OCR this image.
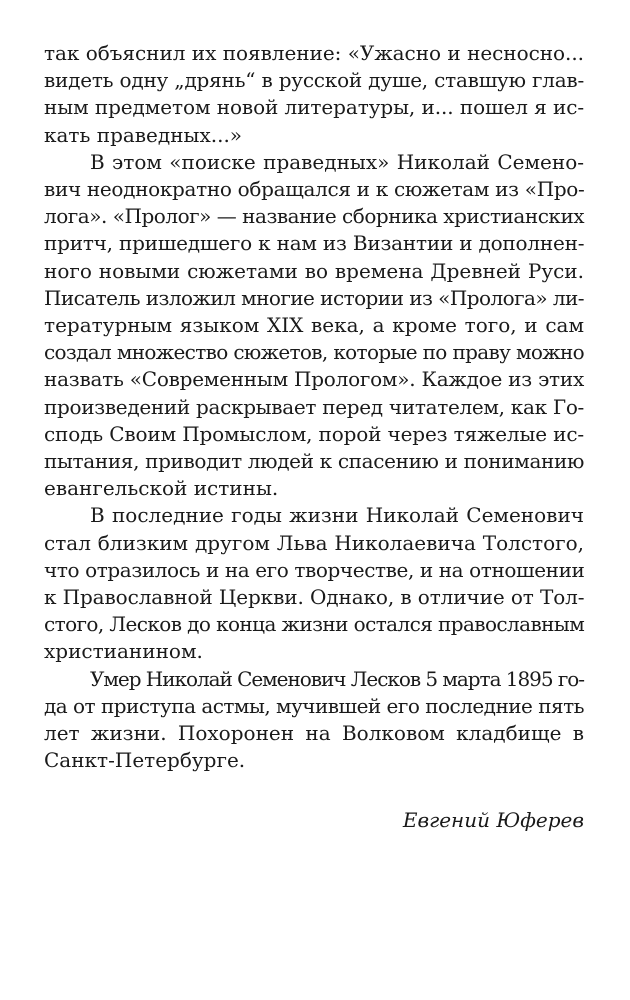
так объяснил их появление: «Ужасно и несносно...
видеть одну „дрянь“ в русской душе, ставшую глав-
ным предметом новой литературы, и... пошел я ис-
кать праведных...»

В этом «поиске праведных» Николай Семено-
вич неоднократно обращался и к сюжетам из «Про-
лога». «Пролог» — название сборника христианских
притч, пришедшего к нам из Византии и дополнен-
ного новыми сюжетами во времена Древней Руси.
Писатель изложил многие истории из «Пролога» ли-
тературным языком XIX века, а кроме того, и сам
создал множество сюжетов, которые по праву можно
назвать «Современным Прологом». Каждое из этих
произведений раскрывает перед читателем, как Го-
сподь Своим Промыслом, порой через тяжелые ис-
пытания, приводит людей к спасению и пониманию
евангельской истины.

В последние годы жизни Николай Семенович
стал близким другом Льва Николаевича Толстого,
что отразилось и на его творчестве, и на отношении
к Православной Церкви. Однако, в отличие от Тол-
стого, Лесков до конца жизни остался православным
христианином.

Умер Николай Семенович Лесков 5 марта 1895 го-
да от приступа астмы, мучившей его последние пять
лет жизни. Похоронен на Волковом кладбище в
Санкт-Петербурге.

Евгений Юферев
